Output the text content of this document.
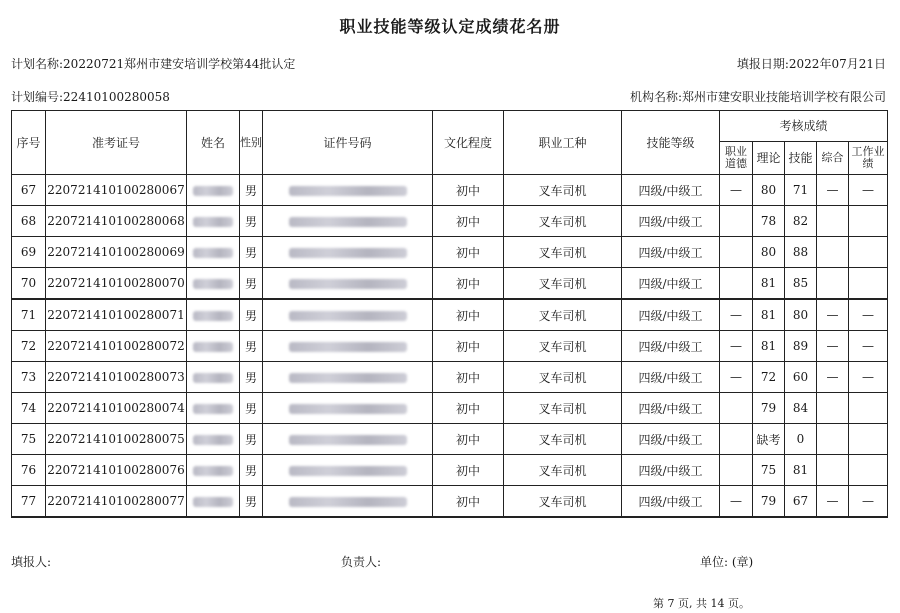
职业技能等级认定成绩花名册
计划名称:20220721郑州市建安培训学校第44批认定	填报日期:2022年07月21日
计划编号:22410100280058	机构名称:郑州市建安职业技能培训学校有限公司
序号	准考证号	姓名	性别	证件号码	文化程度	职业工种	技能等级	考核成绩				
								职业道德	理论	技能	综合	工作业绩
67	220721410100280067		男		初中	叉车司机	四级/中级工	—	80	71	—	—
68	220721410100280068		男		初中	叉车司机	四级/中级工		78	82		
69	220721410100280069		男		初中	叉车司机	四级/中级工		80	88		
70	220721410100280070		男		初中	叉车司机	四级/中级工		81	85		
71	220721410100280071		男		初中	叉车司机	四级/中级工	—	81	80	—	—
72	220721410100280072		男		初中	叉车司机	四级/中级工	—	81	89	—	—
73	220721410100280073		男		初中	叉车司机	四级/中级工	—	72	60	—	—
74	220721410100280074		男		初中	叉车司机	四级/中级工		79	84		
75	220721410100280075		男		初中	叉车司机	四级/中级工		缺考	0		
76	220721410100280076		男		初中	叉车司机	四级/中级工		75	81		
77	220721410100280077		男		初中	叉车司机	四级/中级工	—	79	67	—	—
填报人:	负责人:	单位: (章)
第 7 页, 共 14 页。
